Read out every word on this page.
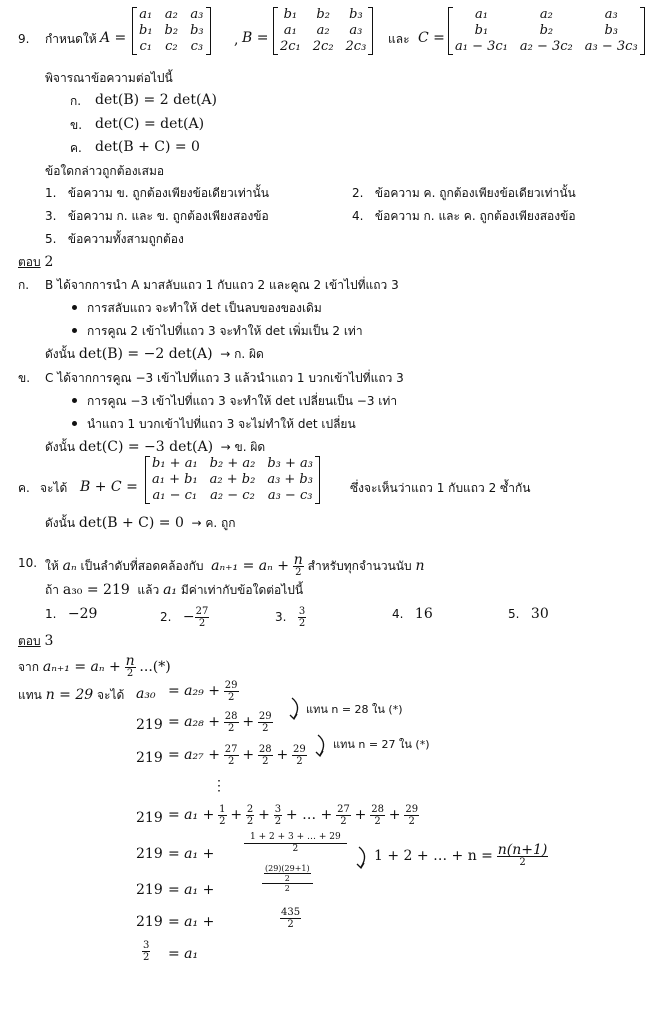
9. กำหนดให้ A =
a₁	a₂	a₃
b₁	b₂	b₃
c₁	c₂	c₃ , B =
b₁	b₂	b₃
a₁	a₂	a₃
2c₁	2c₂	2c₃ และ C =
a₁	a₂	a₃
b₁	b₂	b₃
a₁ − 3c₁	a₂ − 3c₂	a₃ − 3c₃
พิจารณาข้อความต่อไปนี้
ก. det(B) = 2 det(A)
ข. det(C) = det(A)
ค. det(B + C) = 0
ข้อใดกล่าวถูกต้องเสมอ
1. ข้อความ ข. ถูกต้องเพียงข้อเดียวเท่านั้น	2. ข้อความ ค. ถูกต้องเพียงข้อเดียวเท่านั้น
3. ข้อความ ก. และ ข. ถูกต้องเพียงสองข้อ	4. ข้อความ ก. และ ค. ถูกต้องเพียงสองข้อ
5. ข้อความทั้งสามถูกต้อง
ตอบ 2
ก. B ได้จากการนำ A มาสลับแถว 1 กับแถว 2 และคูณ 2 เข้าไปที่แถว 3
การสลับแถว จะทำให้ det เป็นลบของของเดิม
การคูณ 2 เข้าไปที่แถว 3 จะทำให้ det เพิ่มเป็น 2 เท่า
ดังนั้น det(B) = −2 det(A) → ก. ผิด
ข. C ได้จากการคูณ −3 เข้าไปที่แถว 3 แล้วนำแถว 1 บวกเข้าไปที่แถว 3
การคูณ −3 เข้าไปที่แถว 3 จะทำให้ det เปลี่ยนเป็น −3 เท่า
นำแถว 1 บวกเข้าไปที่แถว 3 จะไม่ทำให้ det เปลี่ยน
ดังนั้น det(C) = −3 det(A) → ข. ผิด
ค. จะได้ B + C =
b₁ + a₁	b₂ + a₂	b₃ + a₃
a₁ + b₁	a₂ + b₂	a₃ + b₃
a₁ − c₁	a₂ − c₂	a₃ − c₃	ซึ่งจะเห็นว่าแถว 1 กับแถว 2 ซ้ำกัน
ดังนั้น det(B + C) = 0 → ค. ถูก
10. ให้ aₙ เป็นลำดับที่สอดคล้องกับ aₙ₊₁ = aₙ + n
2 สำหรับทุกจำนวนนับ n
ถ้า a₃₀ = 219 แล้ว a₁ มีค่าเท่ากับข้อใดต่อไปนี้
1. −29	2. − $\frac{27}{2}$	3. $\frac{3}{2}$	4. 16	5. 30
ตอบ 3
จาก aₙ₊₁ = aₙ + n
2 ...(*)
แทน n = 29 จะได้ $a_{30} = a_{29} + \frac{29}{2}$
$219 = a_{28} + \frac{28}{2} + \frac{29}{2}$
$219 = a_{27} + \frac{27}{2} + \frac{28}{2} + \frac{29}{2}$
⋮
$219 = a_1 + \frac{1}{2} + \frac{2}{2} + \frac{3}{2}$ + … + $\frac{27}{2} + \frac{28}{2} + \frac{29}{2}$
219 = a₁ +	$\frac{1 + 2 + 3 + \dots + 29}{2}$
219 = a₁ +	$\frac{\frac{(29)(29+1)}{2}}{2}$
219 = a₁ +	$\frac{435}{2}$
$\frac{3}{2} = a_1$
แทน n = 28 ใน (*)
แทน n = 27 ใน (*)
1 + 2 + … + n = n(n+1)
2
